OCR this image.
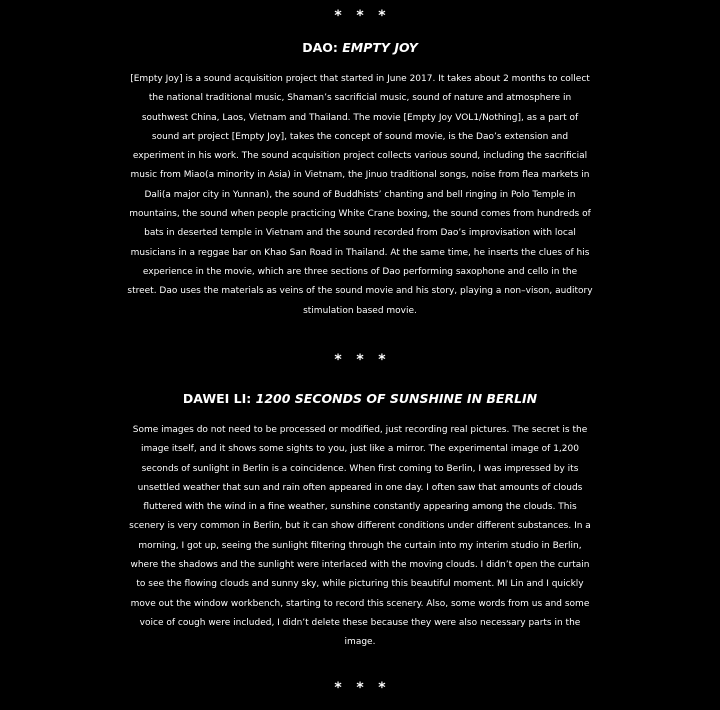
*   *   *
DAO: EMPTY JOY
[Empty Joy] is a sound acquisition project that started in June 2017. It takes about 2 months to collect
the national traditional music, Shaman’s sacrificial music, sound of nature and atmosphere in
southwest China, Laos, Vietnam and Thailand. The movie [Empty Joy VOL1/Nothing], as a part of
sound art project [Empty Joy], takes the concept of sound movie, is the Dao’s extension and
experiment in his work. The sound acquisition project collects various sound, including the sacrificial
music from Miao(a minority in Asia) in Vietnam, the Jinuo traditional songs, noise from flea markets in
Dali(a major city in Yunnan), the sound of Buddhists’ chanting and bell ringing in Polo Temple in
mountains, the sound when people practicing White Crane boxing, the sound comes from hundreds of
bats in deserted temple in Vietnam and the sound recorded from Dao’s improvisation with local
musicians in a reggae bar on Khao San Road in Thailand. At the same time, he inserts the clues of his
experience in the movie, which are three sections of Dao performing saxophone and cello in the
street. Dao uses the materials as veins of the sound movie and his story, playing a non–vison, auditory
stimulation based movie.
*   *   *
DAWEI LI: 1200 SECONDS OF SUNSHINE IN BERLIN
Some images do not need to be processed or modified, just recording real pictures. The secret is the
image itself, and it shows some sights to you, just like a mirror. The experimental image of 1,200
seconds of sunlight in Berlin is a coincidence. When first coming to Berlin, I was impressed by its
unsettled weather that sun and rain often appeared in one day. I often saw that amounts of clouds
fluttered with the wind in a fine weather, sunshine constantly appearing among the clouds. This
scenery is very common in Berlin, but it can show different conditions under different substances. In a
morning, I got up, seeing the sunlight filtering through the curtain into my interim studio in Berlin,
where the shadows and the sunlight were interlaced with the moving clouds. I didn’t open the curtain
to see the flowing clouds and sunny sky, while picturing this beautiful moment. MI Lin and I quickly
move out the window workbench, starting to record this scenery. Also, some words from us and some
voice of cough were included, I didn’t delete these because they were also necessary parts in the
image.
*   *   *
